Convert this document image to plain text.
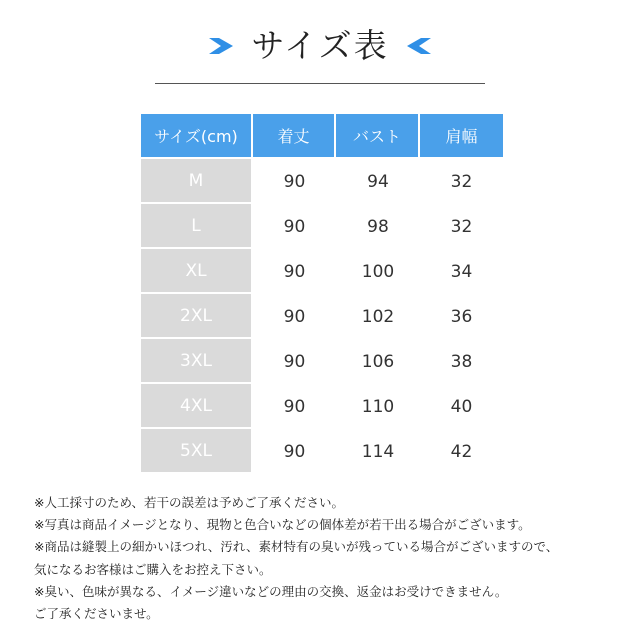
サイズ表
サイズ(cm)	着丈	バスト	肩幅
M	90	94	32
L	90	98	32
XL	90	100	34
2XL	90	102	36
3XL	90	106	38
4XL	90	110	40
5XL	90	114	42
※人工採寸のため、若干の誤差は予めご了承ください。
※写真は商品イメージとなり、現物と色合いなどの個体差が若干出る場合がございます。
※商品は縫製上の細かいほつれ、汚れ、素材特有の臭いが残っている場合がございますので、
気になるお客様はご購入をお控え下さい。
※臭い、色味が異なる、イメージ違いなどの理由の交換、返金はお受けできません。
ご了承くださいませ。
